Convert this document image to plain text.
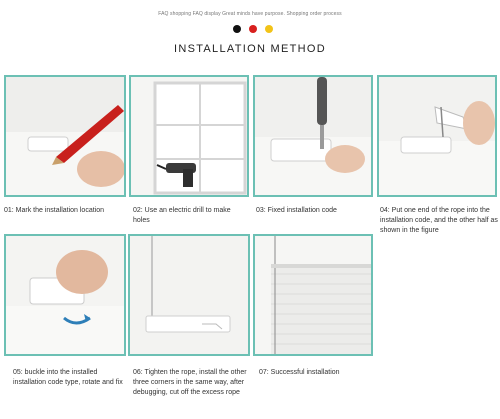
FAQ shopping FAQ display Great minds have purpose. Shopping order process
INSTALLATION METHOD
01: Mark the installation location	02: Use an electric drill to make holes
03: Fixed installation code	04: Put one end of the rope into the installation code, and the other half as shown in the figure
05: buckle into the installed installation code type, rotate and fix
06: Tighten the rope, install the other three corners in the same way, after debugging, cut off the excess rope
07: Successful installation
